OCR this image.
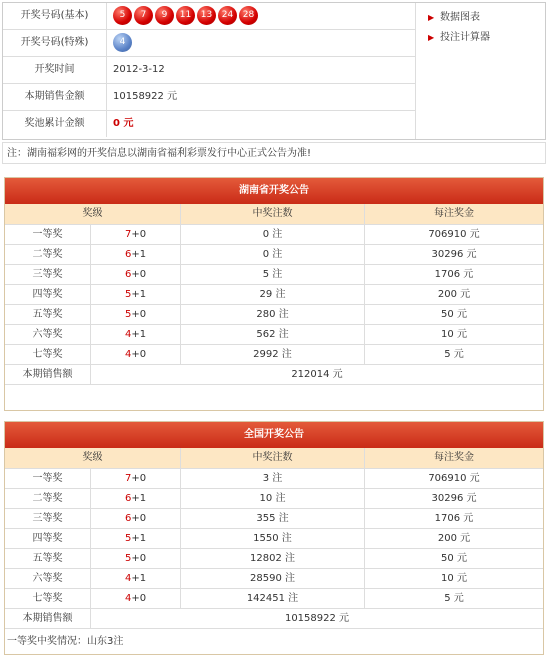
开奖号码(基本)	5 7 9 11 13 24 28
开奖号码(特殊)	4
开奖时间	2012-3-12
本期销售金额	10158922 元
奖池累计金额	0 元
▶ 数据图表
▶ 投注计算器
注：湖南福彩网的开奖信息以湖南省福利彩票发行中心正式公告为准!
湖南省开奖公告
奖级	中奖注数	每注奖金
一等奖	7+0	0 注	706910 元
二等奖	6+1	0 注	30296 元
三等奖	6+0	5 注	1706 元
四等奖	5+1	29 注	200 元
五等奖	5+0	280 注	50 元
六等奖	4+1	562 注	10 元
七等奖	4+0	2992 注	5 元
本期销售额	212014 元
全国开奖公告
奖级	中奖注数	每注奖金
一等奖	7+0	3 注	706910 元
二等奖	6+1	10 注	30296 元
三等奖	6+0	355 注	1706 元
四等奖	5+1	1550 注	200 元
五等奖	5+0	12802 注	50 元
六等奖	4+1	28590 注	10 元
七等奖	4+0	142451 注	5 元
本期销售额	10158922 元
一等奖中奖情况：山东3注
